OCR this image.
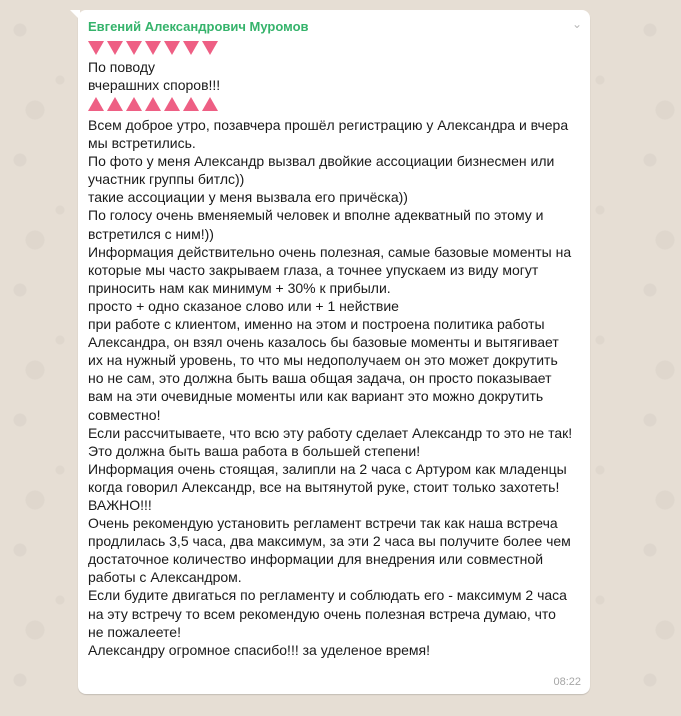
Евгений Александрович Муромов	⌄
По поводу
вчерашних споров!!!
Всем доброе утро, позавчера прошёл регистрацию у Александра и вчера
мы встретились.
По фото у меня Александр вызвал двойкие ассоциации бизнесмен или
участник группы битлс))
такие ассоциации у меня вызвала его причёска))
По голосу очень вменяемый человек и вполне адекватный по этому и
встретился с ним!))
Информация действительно очень полезная, самые базовые моменты на
которые мы часто закрываем глаза, а точнее упускаем из виду могут
приносить нам как минимум + 30% к прибыли.
просто + одно сказаное слово или + 1 нействие
при работе с клиентом, именно на этом и построена политика работы
Александра, он взял очень казалось бы базовые моменты и вытягивает
их на нужный уровень, то что мы недополучаем он это может докрутить
но не сам, это должна быть ваша общая задача, он просто показывает
вам на эти очевидные моменты или как вариант это можно докрутить
совместно!
Если рассчитываете, что всю эту работу сделает Александр то это не так!
Это должна быть ваша работа в большей степени!
Информация очень стоящая, залипли на 2 часа с Артуром как младенцы
когда говорил Александр, все на вытянутой руке, стоит только захотеть!
ВАЖНО!!!
Очень рекомендую установить регламент встречи так как наша встреча
продлилась 3,5 часа, два максимум, за эти 2 часа вы получите более чем
достаточное количество информации для внедрения или совместной
работы с Александром.
Если будите двигаться по регламенту и соблюдать его - максимум 2 часа
на эту встречу то всем рекомендую очень полезная встреча думаю, что
не пожалеете!
Александру огромное спасибо!!! за уделеное время!
08:22
